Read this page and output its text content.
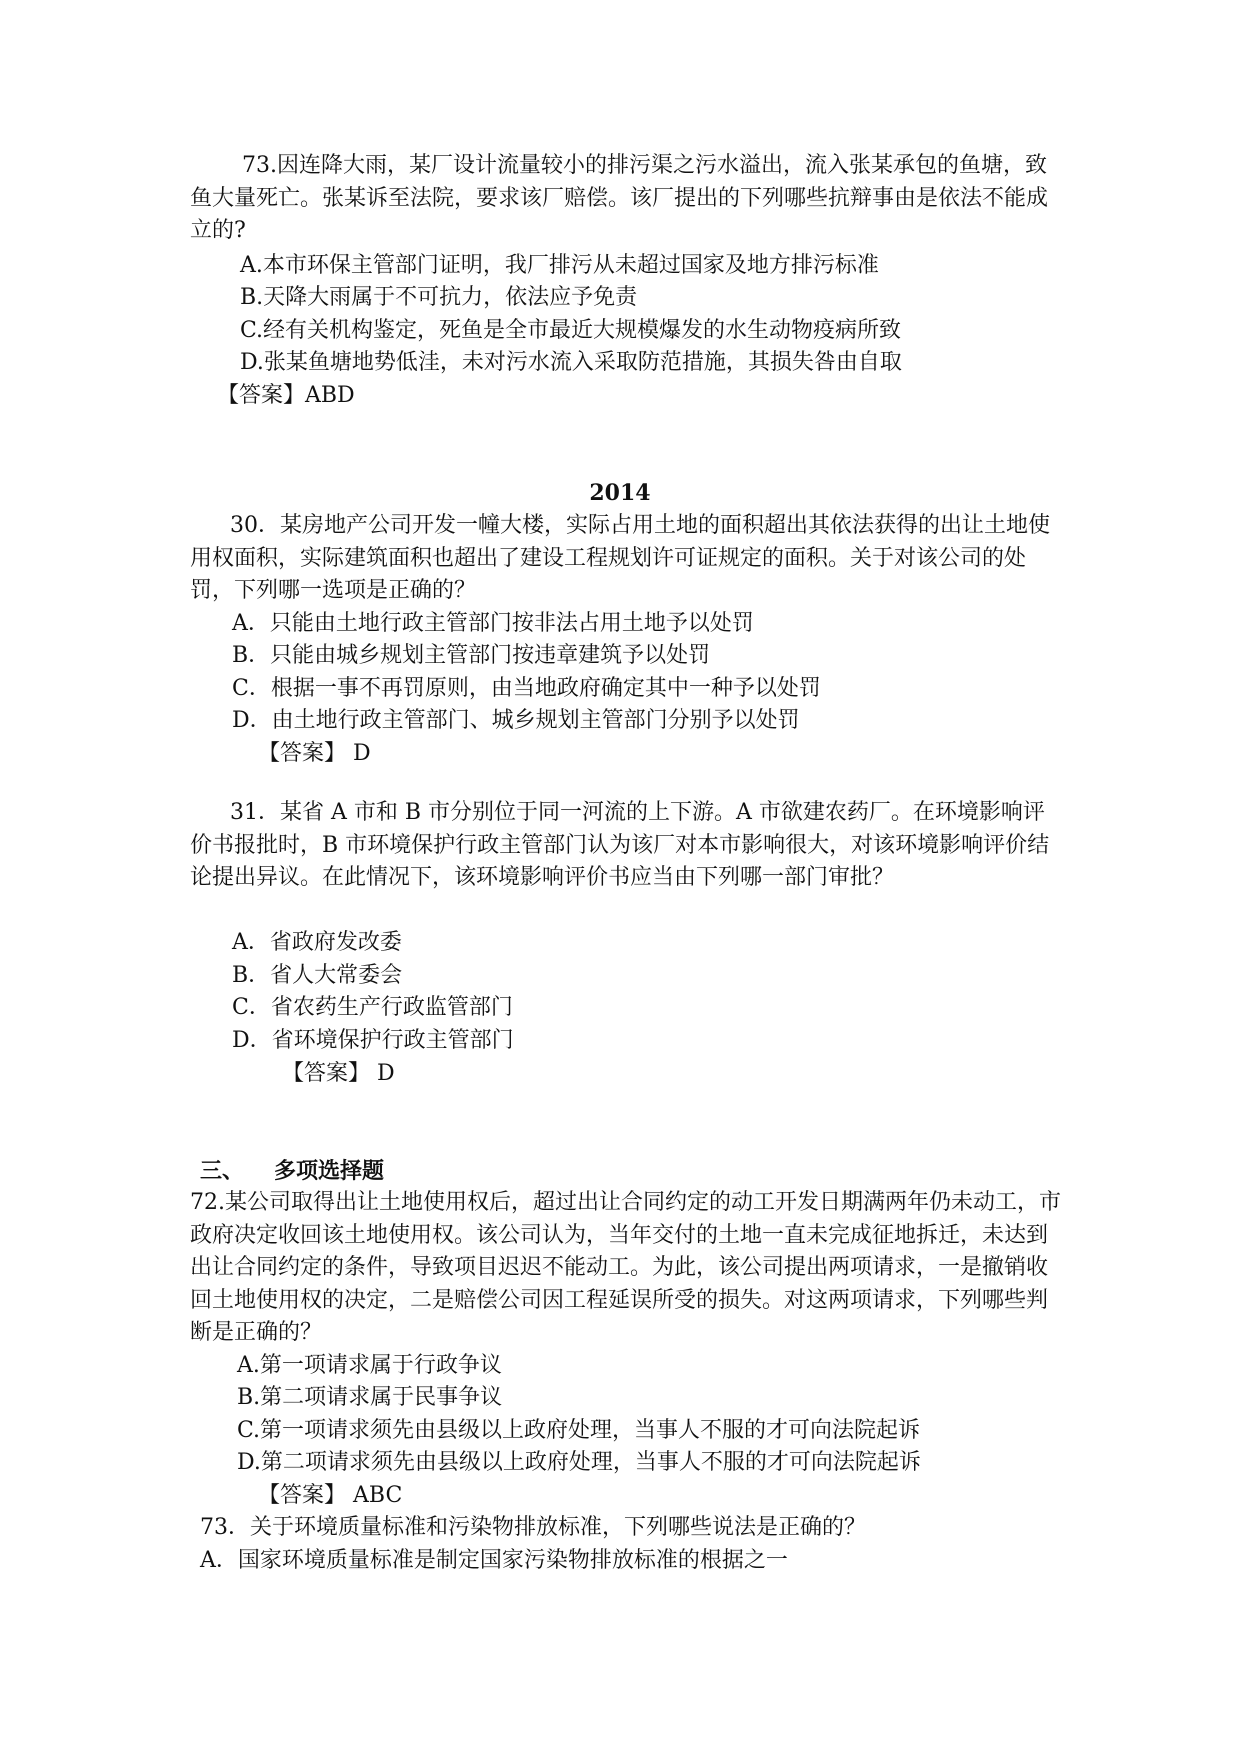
73.因连降大雨，某厂设计流量较小的排污渠之污水溢出，流入张某承包的鱼塘，致鱼大量死亡。张某诉至法院，要求该厂赔偿。该厂提出的下列哪些抗辩事由是依法不能成立的?

A.本市环保主管部门证明，我厂排污从未超过国家及地方排污标准

B.天降大雨属于不可抗力，依法应予免责

C.经有关机构鉴定，死鱼是全市最近大规模爆发的水生动物疫病所致

D.张某鱼塘地势低洼，未对污水流入采取防范措施，其损失咎由自取

【答案】ABD

2014

30．某房地产公司开发一幢大楼，实际占用土地的面积超出其依法获得的出让土地使用权面积，实际建筑面积也超出了建设工程规划许可证规定的面积。关于对该公司的处罚，下列哪一选项是正确的？

A．只能由土地行政主管部门按非法占用土地予以处罚

B．只能由城乡规划主管部门按违章建筑予以处罚

C．根据一事不再罚原则，由当地政府确定其中一种予以处罚

D．由土地行政主管部门、城乡规划主管部门分别予以处罚

【答案】 D

31．某省 A 市和 B 市分别位于同一河流的上下游。A 市欲建农药厂。在环境影响评价书报批时，B 市环境保护行政主管部门认为该厂对本市影响很大，对该环境影响评价结论提出异议。在此情况下，该环境影响评价书应当由下列哪一部门审批？

A．省政府发改委

B．省人大常委会

C．省农药生产行政监管部门

D．省环境保护行政主管部门

【答案】 D

三、 多项选择题

72.某公司取得出让土地使用权后，超过出让合同约定的动工开发日期满两年仍未动工，市政府决定收回该土地使用权。该公司认为，当年交付的土地一直未完成征地拆迁，未达到出让合同约定的条件，导致项目迟迟不能动工。为此，该公司提出两项请求，一是撤销收回土地使用权的决定，二是赔偿公司因工程延误所受的损失。对这两项请求，下列哪些判断是正确的？

A.第一项请求属于行政争议

B.第二项请求属于民事争议

C.第一项请求须先由县级以上政府处理，当事人不服的才可向法院起诉

D.第二项请求须先由县级以上政府处理，当事人不服的才可向法院起诉

【答案】 ABC

73．关于环境质量标准和污染物排放标准，下列哪些说法是正确的？

A．国家环境质量标准是制定国家污染物排放标准的根据之一
